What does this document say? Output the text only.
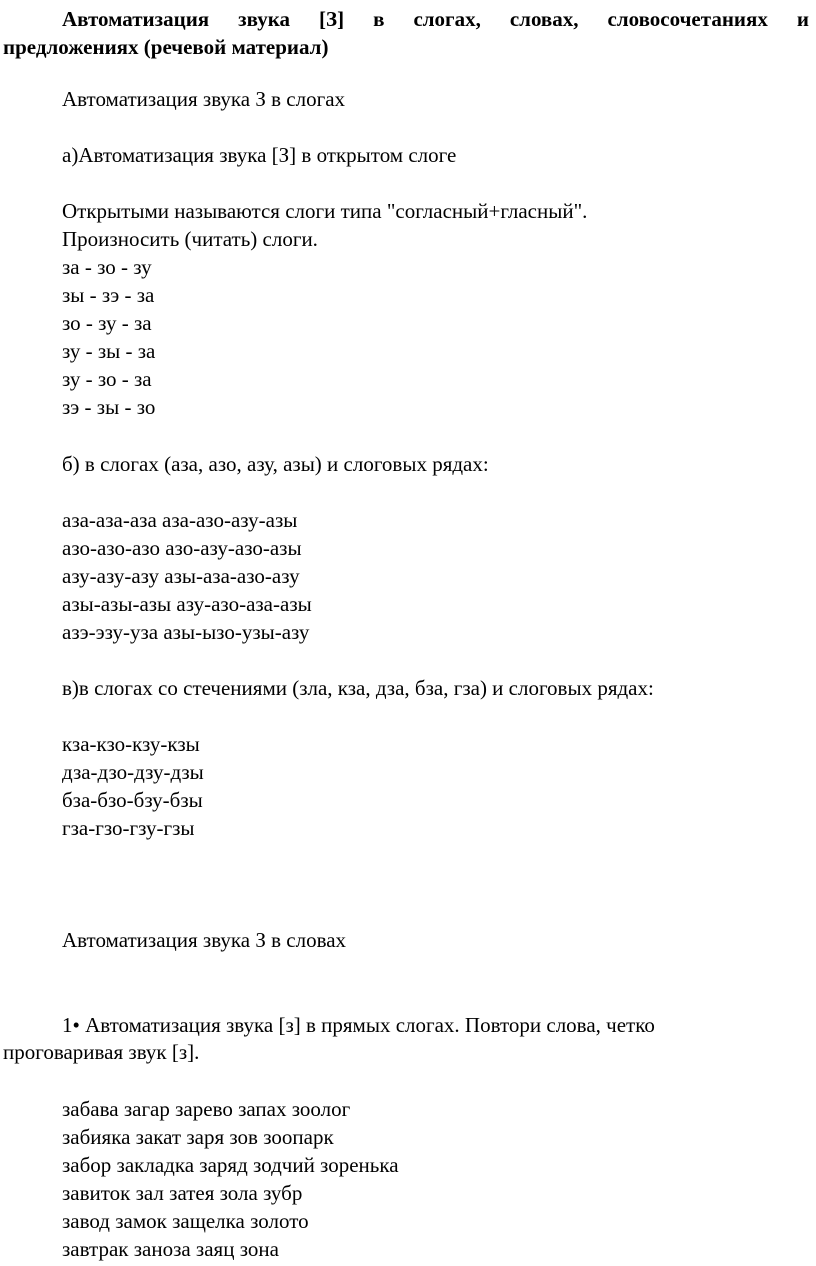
Автоматизация звука [З] в слогах, словах, словосочетаниях и
предложениях (речевой материал)
Автоматизация звука З в слогах
а)Автоматизация звука [З] в открытом слоге
Открытыми называются слоги типа "согласный+гласный".
Произносить (читать) слоги.
за - зо - зу
зы - зэ - за
зо - зу - за
зу - зы - за
зу - зо - за
зэ - зы - зо
б) в слогах (аза, азо, азу, азы) и слоговых рядах:
аза-аза-аза аза-азо-азу-азы
азо-азо-азо азо-азу-азо-азы
азу-азу-азу азы-аза-азо-азу
азы-азы-азы азу-азо-аза-азы
азэ-эзу-уза азы-ызо-узы-азу
в)в слогах со стечениями (зла, кза, дза, бза, гза) и слоговых рядах:
кза-кзо-кзу-кзы
дза-дзо-дзу-дзы
бза-бзо-бзу-бзы
гза-гзо-гзу-гзы
Автоматизация звука З в словах
1• Автоматизация звука [з] в прямых слогах. Повтори слова, четко
проговаривая звук [з].
забава загар зарево запах зоолог
забияка закат заря зов зоопарк
забор закладка заряд зодчий зоренька
завиток зал затея зола зубр
завод замок защелка золото
завтрак заноза заяц зона
